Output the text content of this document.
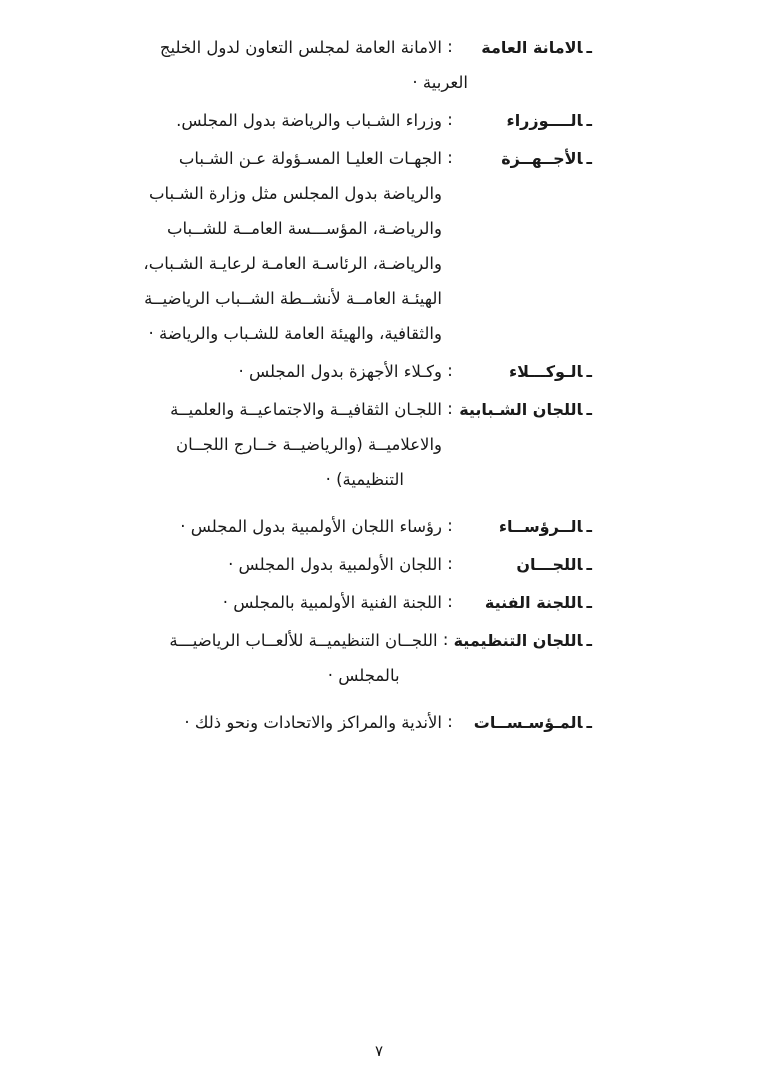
ـالامانة العامة
:
الامانة العامة لمجلس التعاون لدول الخليج
العربية ·
ـالــــوزراء
:
وزراء الشـباب والرياضة بدول المجلس.
ـالأجــهــزة
:
الجهـات العليـا المسـؤولة عـن الشـباب
والرياضة بدول المجلس مثل وزارة الشـباب
والرياضـة، المؤســـسة العامــة للشــباب
والرياضـة، الرئاسـة العامـة لرعايـة الشـباب،
الهيئـة العامــة لأنشــطة الشــباب الرياضيــة
والثقافية، والهيئة العامة للشـباب والرياضة ·
ـالـوكـــلاء
:
وكـلاء الأجهزة بدول المجلس ·
ـاللجان الشـبابية
:
اللجـان الثقافيــة والاجتماعيــة والعلميــة
والاعلاميــة (والرياضيــة خــارج اللجــان
التنظيمية) ·
ـالــرؤســاء
:
رؤساء اللجان الأولمبية بدول المجلس ·
ـاللجـــان
:
اللجان الأولمبية بدول المجلس ·
ـاللجنة الفنية
:
اللجنة الفنية الأولمبية بالمجلس ·
ـاللجان التنظيمية
:
اللجــان التنظيميــة للألعــاب الرياضيـــة
بالمجلس ·
ـالمـؤسـســات
:
الأندية والمراكز والاتحادات ونحو ذلك ·
٧
